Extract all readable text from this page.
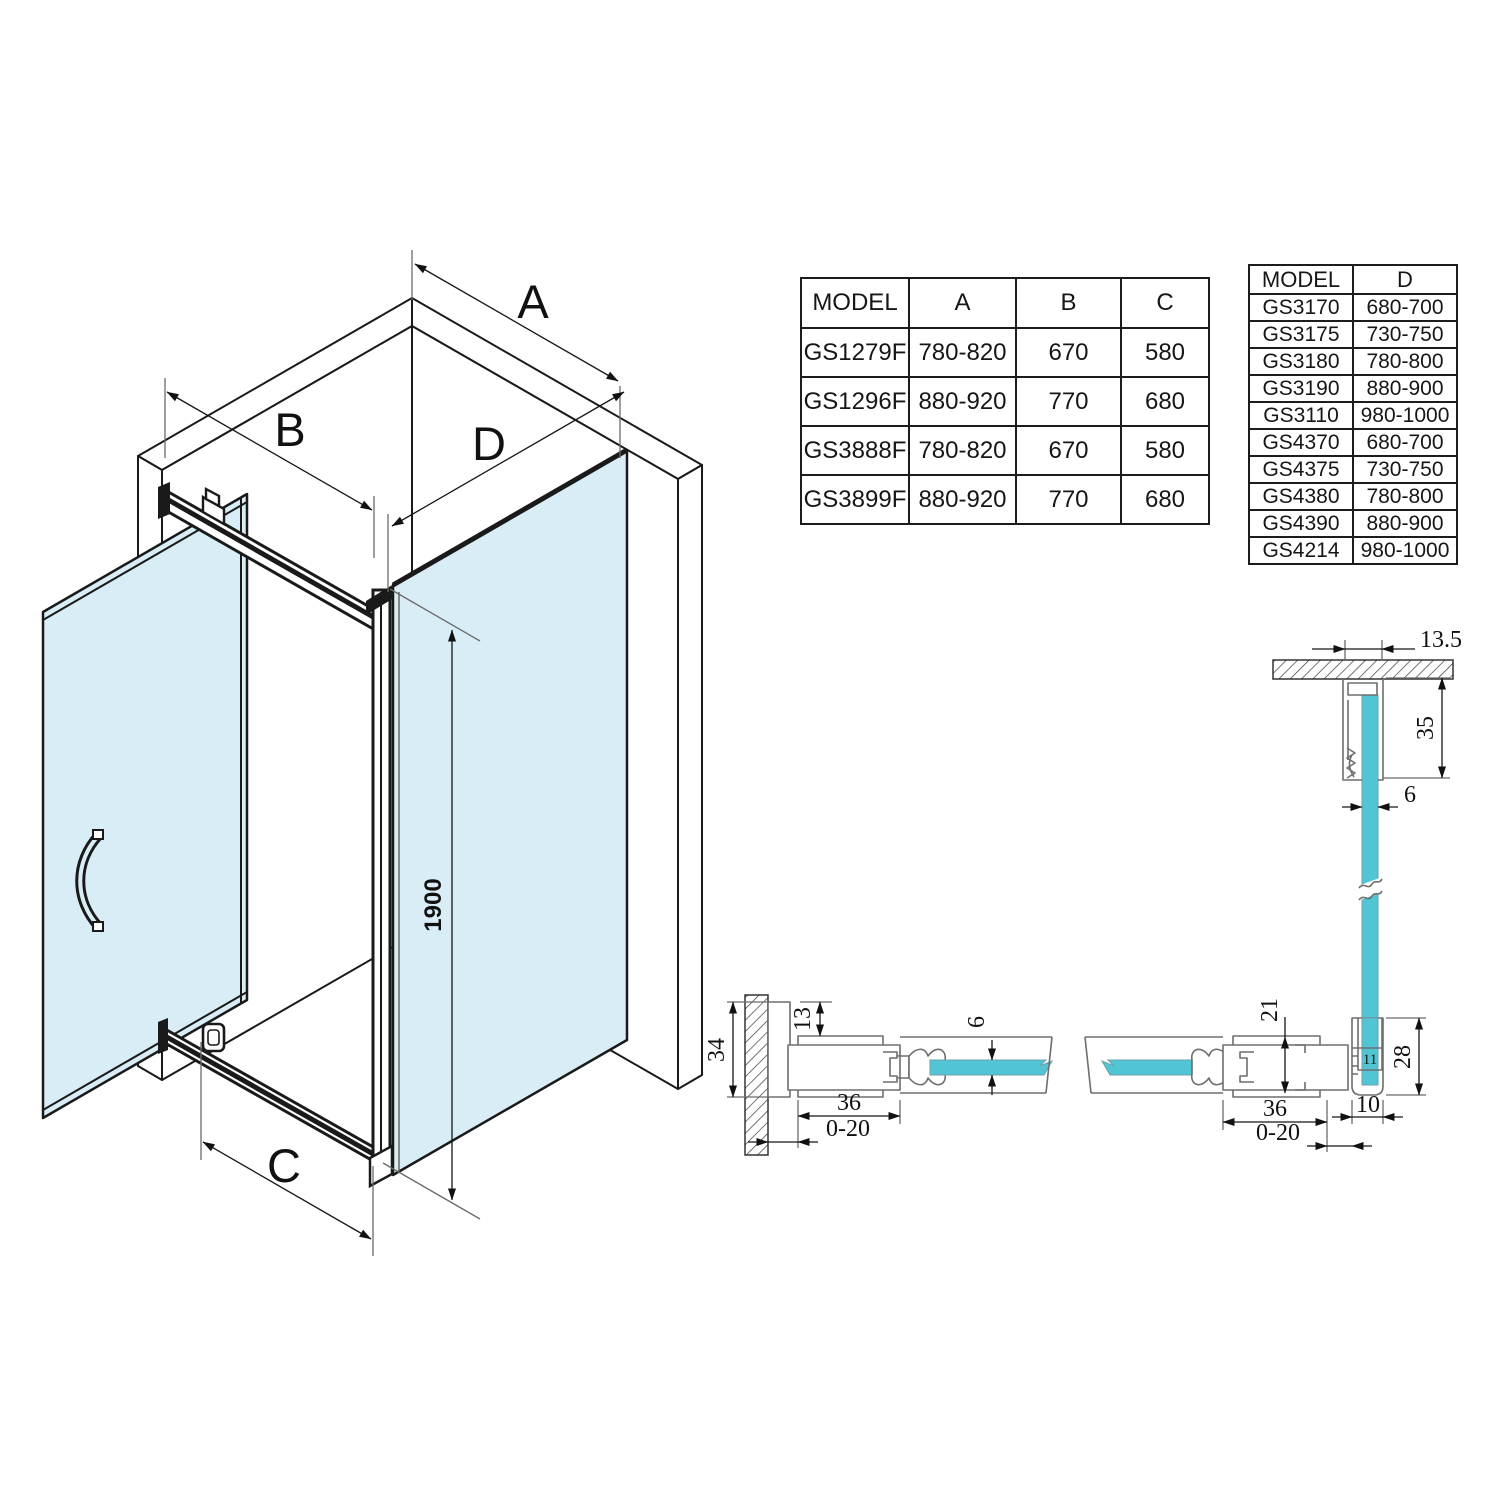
A
B	D
C
1900
13.5
35
6
34
13	6
36
0-20
11
21
28
36
0-20
10
MODEL	A	B	C
GS1279F	780-820	670	580
GS1296F	880-920	770	680
GS3888F	780-820	670	580
GS3899F	880-920	770	680
MODEL	D
GS3170	680-700
GS3175	730-750
GS3180	780-800
GS3190	880-900
GS3110	980-1000
GS4370	680-700
GS4375	730-750
GS4380	780-800
GS4390	880-900
GS4214	980-1000
